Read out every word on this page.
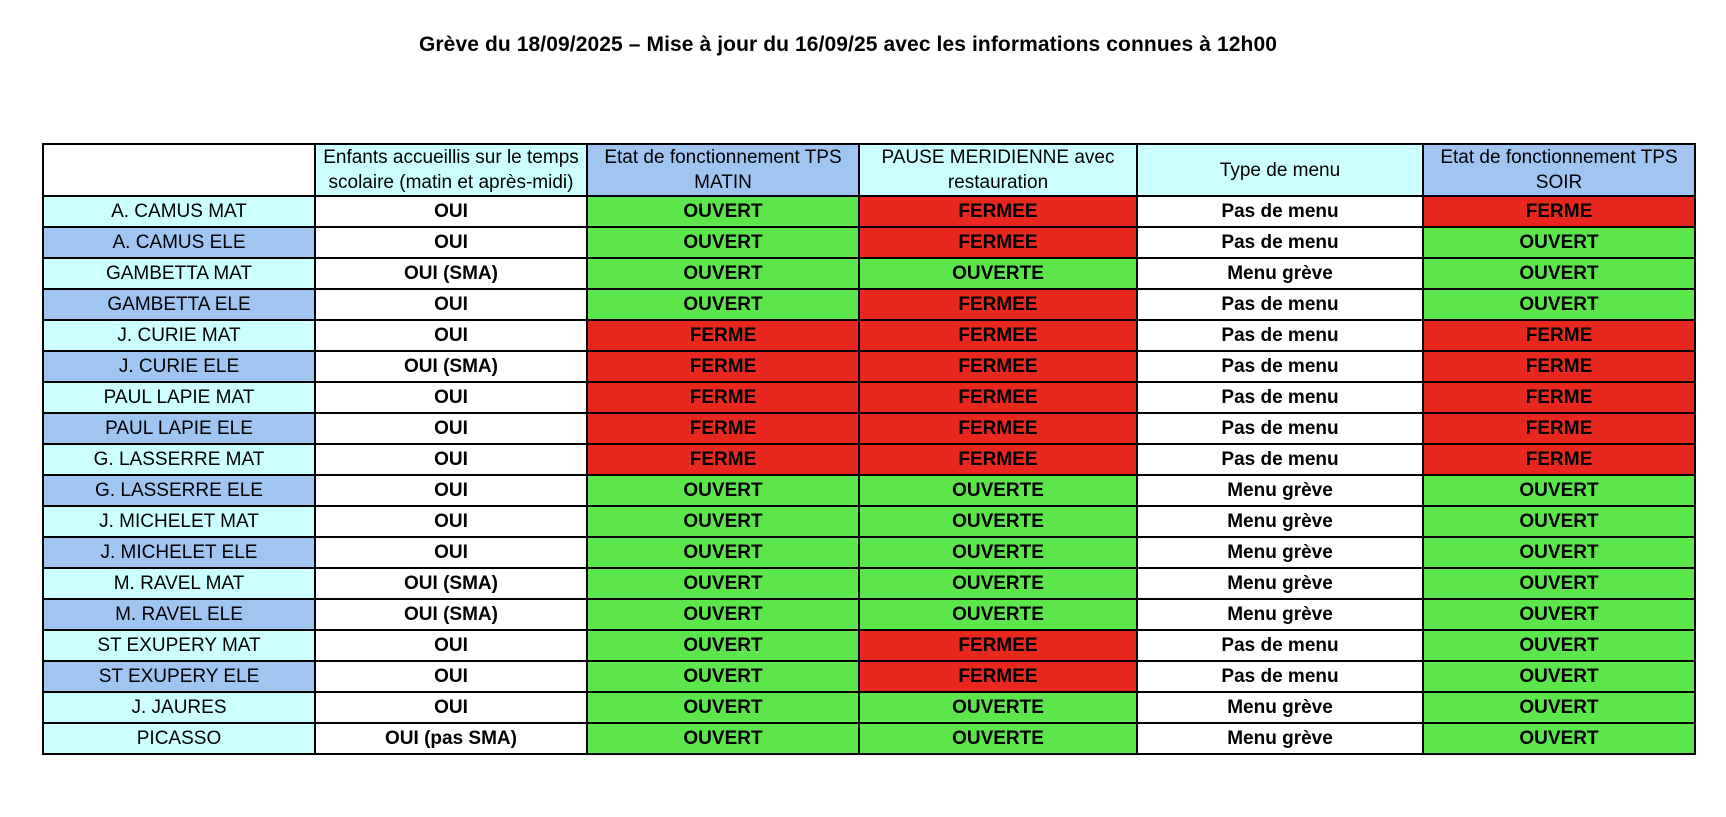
Grève du 18/09/2025 – Mise à jour du 16/09/25 avec les informations connues à 12h00
	Enfants accueillis sur le temps scolaire (matin et après-midi)	Etat de fonctionnement TPS MATIN	PAUSE MERIDIENNE avec restauration	Type de menu	Etat de fonctionnement TPS SOIR
A. CAMUS MAT	OUI	OUVERT	FERMEE	Pas de menu	FERME
A. CAMUS ELE	OUI	OUVERT	FERMEE	Pas de menu	OUVERT
GAMBETTA MAT	OUI (SMA)	OUVERT	OUVERTE	Menu grève	OUVERT
GAMBETTA ELE	OUI	OUVERT	FERMEE	Pas de menu	OUVERT
J. CURIE MAT	OUI	FERME	FERMEE	Pas de menu	FERME
J. CURIE ELE	OUI (SMA)	FERME	FERMEE	Pas de menu	FERME
PAUL LAPIE MAT	OUI	FERME	FERMEE	Pas de menu	FERME
PAUL LAPIE ELE	OUI	FERME	FERMEE	Pas de menu	FERME
G. LASSERRE MAT	OUI	FERME	FERMEE	Pas de menu	FERME
G. LASSERRE ELE	OUI	OUVERT	OUVERTE	Menu grève	OUVERT
J. MICHELET MAT	OUI	OUVERT	OUVERTE	Menu grève	OUVERT
J. MICHELET ELE	OUI	OUVERT	OUVERTE	Menu grève	OUVERT
M. RAVEL MAT	OUI (SMA)	OUVERT	OUVERTE	Menu grève	OUVERT
M. RAVEL ELE	OUI (SMA)	OUVERT	OUVERTE	Menu grève	OUVERT
ST EXUPERY MAT	OUI	OUVERT	FERMEE	Pas de menu	OUVERT
ST EXUPERY ELE	OUI	OUVERT	FERMEE	Pas de menu	OUVERT
J. JAURES	OUI	OUVERT	OUVERTE	Menu grève	OUVERT
PICASSO	OUI (pas SMA)	OUVERT	OUVERTE	Menu grève	OUVERT
